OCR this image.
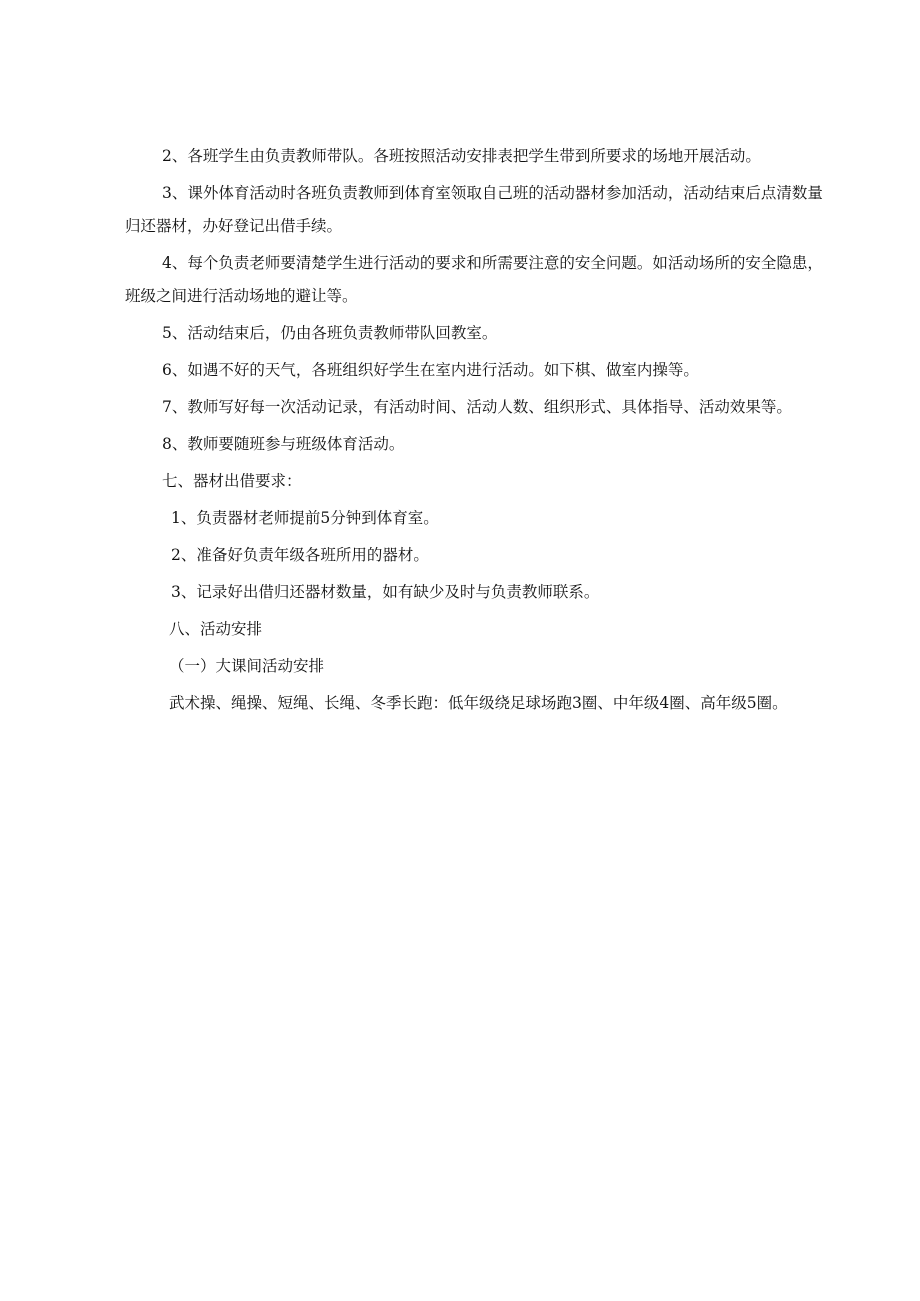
2、各班学生由负责教师带队。各班按照活动安排表把学生带到所要求的场地开展活动。

3、课外体育活动时各班负责教师到体育室领取自己班的活动器材参加活动，活动结束后点清数量归还器材，办好登记出借手续。

4、每个负责老师要清楚学生进行活动的要求和所需要注意的安全问题。如活动场所的安全隐患，班级之间进行活动场地的避让等。

5、活动结束后，仍由各班负责教师带队回教室。

6、如遇不好的天气，各班组织好学生在室内进行活动。如下棋、做室内操等。

7、教师写好每一次活动记录，有活动时间、活动人数、组织形式、具体指导、活动效果等。

8、教师要随班参与班级体育活动。

七、器材出借要求：

1、负责器材老师提前5分钟到体育室。

2、准备好负责年级各班所用的器材。

3、记录好出借归还器材数量，如有缺少及时与负责教师联系。

八、活动安排

（一）大课间活动安排

武术操、绳操、短绳、长绳、冬季长跑：低年级绕足球场跑3圈、中年级4圈、高年级5圈。
